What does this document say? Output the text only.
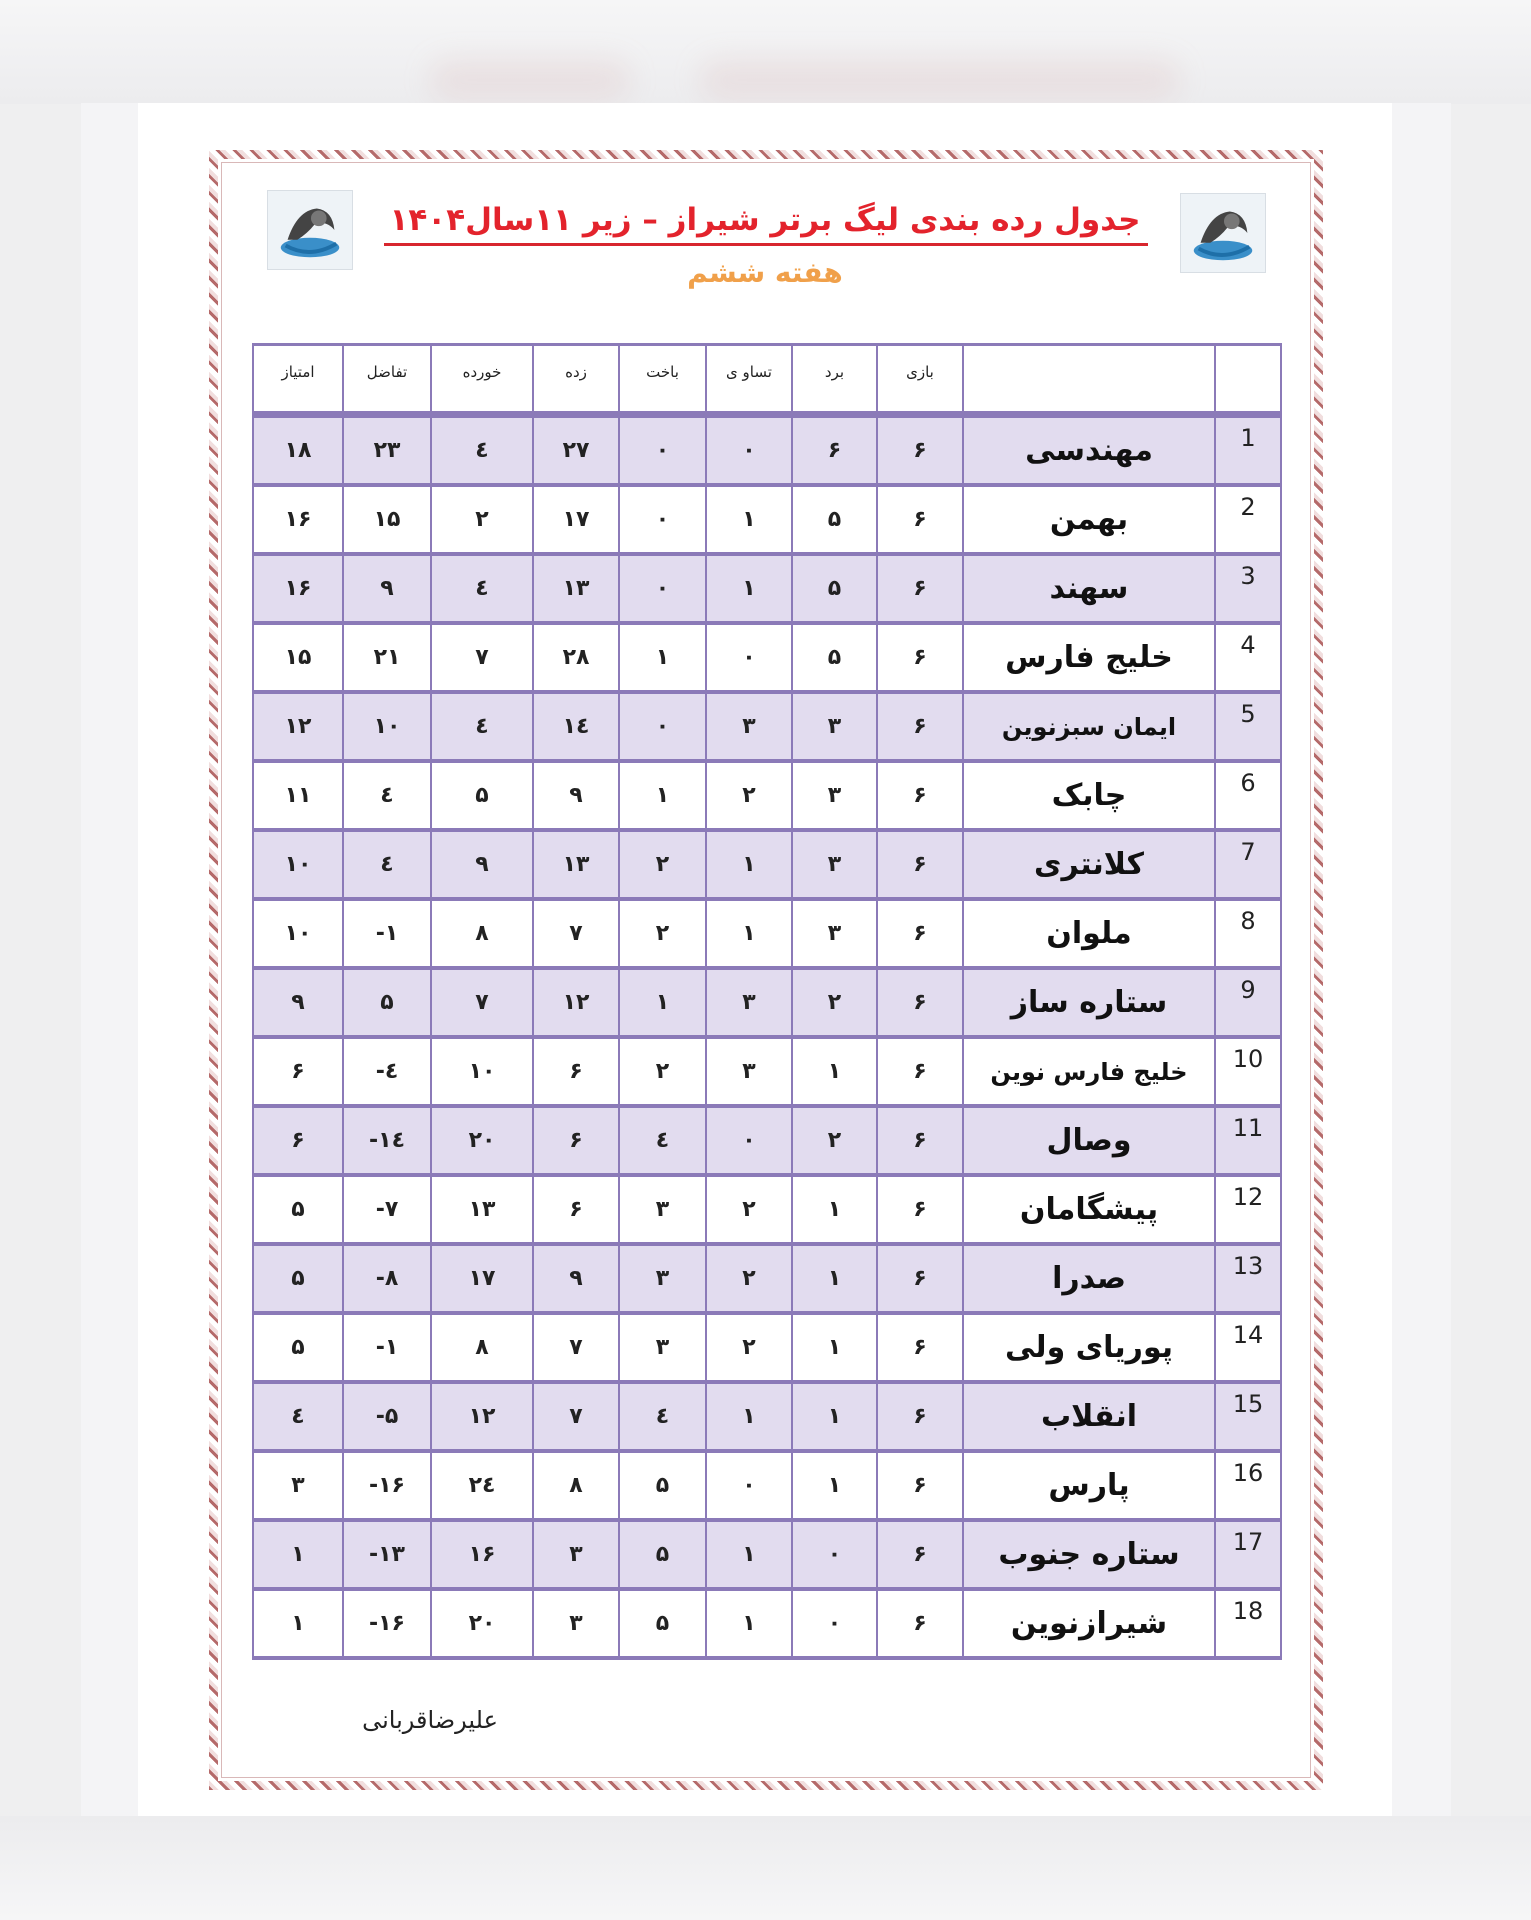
جدول رده بندی لیگ برتر شیراز – زیر ۱۱سال۱۴۰۴
هفته ششم
امتیاز	تفاضل	خورده	زده	باخت	تساو ی	برد	بازی		
۱۸	۲۳	٤	۲۷	۰	۰	۶	۶	مهندسی	1
۱۶	۱۵	۲	۱۷	۰	۱	۵	۶	بهمن	2
۱۶	۹	٤	۱۳	۰	۱	۵	۶	سهند	3
۱۵	۲۱	۷	۲۸	۱	۰	۵	۶	خلیج فارس	4
۱۲	۱۰	٤	۱٤	۰	۳	۳	۶	ایمان سبزنوین	5
۱۱	٤	۵	۹	۱	۲	۳	۶	چابک	6
۱۰	٤	۹	۱۳	۲	۱	۳	۶	کلانتری	7
۱۰	-۱	۸	۷	۲	۱	۳	۶	ملوان	8
۹	۵	۷	۱۲	۱	۳	۲	۶	ستاره ساز	9
۶	-٤	۱۰	۶	۲	۳	۱	۶	خلیج فارس نوین	10
۶	-۱٤	۲۰	۶	٤	۰	۲	۶	وصال	11
۵	-۷	۱۳	۶	۳	۲	۱	۶	پیشگامان	12
۵	-۸	۱۷	۹	۳	۲	۱	۶	صدرا	13
۵	-۱	۸	۷	۳	۲	۱	۶	پوریای ولی	14
٤	-۵	۱۲	۷	٤	۱	۱	۶	انقلاب	15
۳	-۱۶	۲٤	۸	۵	۰	۱	۶	پارس	16
۱	-۱۳	۱۶	۳	۵	۱	۰	۶	ستاره جنوب	17
۱	-۱۶	۲۰	۳	۵	۱	۰	۶	شیرازنوین	18
علیرضاقربانی
